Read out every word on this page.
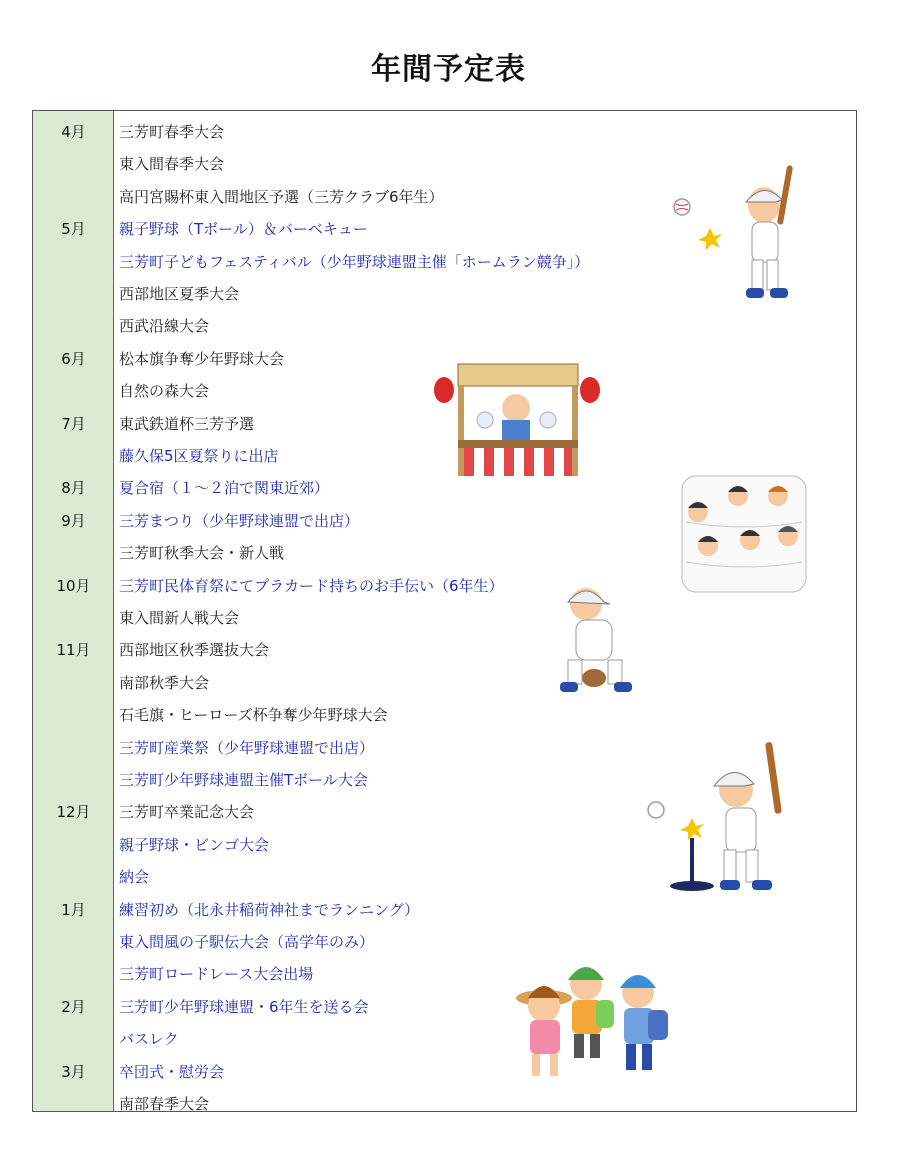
年間予定表
4月	三芳町春季大会
東入間春季大会
高円宮賜杯東入間地区予選（三芳クラブ6年生）
5月	親子野球（Tボール）＆バーベキュー
三芳町子どもフェスティバル（少年野球連盟主催「ホームラン競争」）
西部地区夏季大会
西武沿線大会
6月	松本旗争奪少年野球大会
自然の森大会
7月	東武鉄道杯三芳予選
藤久保5区夏祭りに出店
8月	夏合宿（１～２泊で関東近郊）
9月	三芳まつり（少年野球連盟で出店）
三芳町秋季大会・新人戦
10月	三芳町民体育祭にてプラカード持ちのお手伝い（6年生）
東入間新人戦大会
11月	西部地区秋季選抜大会
南部秋季大会
石毛旗・ヒーローズ杯争奪少年野球大会
三芳町産業祭（少年野球連盟で出店）
三芳町少年野球連盟主催Tボール大会
12月	三芳町卒業記念大会
親子野球・ビンゴ大会
納会
1月	練習初め（北永井稲荷神社までランニング）
東入間風の子駅伝大会（高学年のみ）
三芳町ロードレース大会出場
2月	三芳町少年野球連盟・6年生を送る会
バスレク
3月	卒団式・慰労会
南部春季大会
